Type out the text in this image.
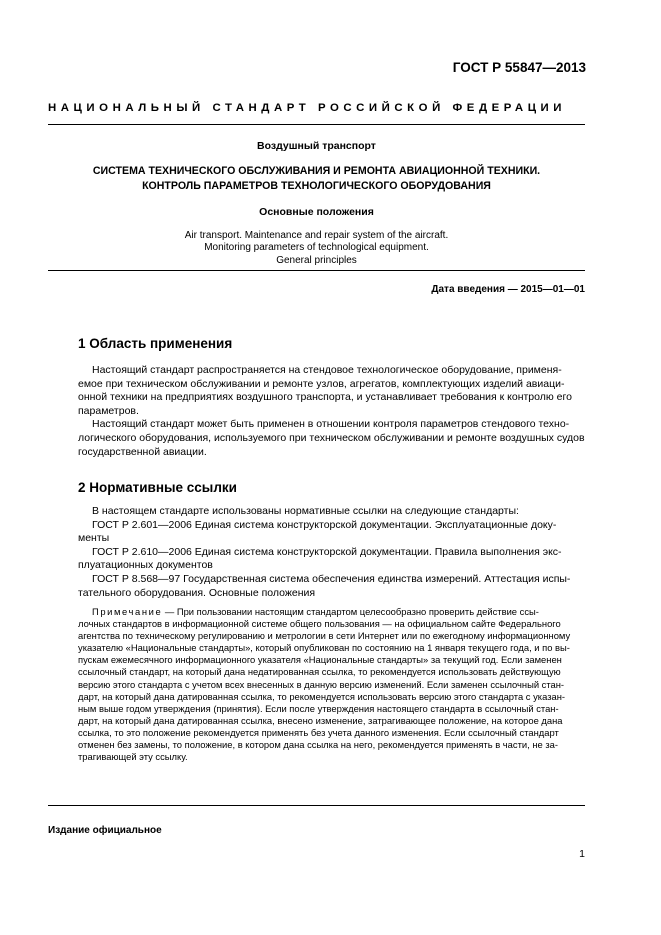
ГОСТ Р 55847—2013
НАЦИОНАЛЬНЫЙ СТАНДАРТ РОССИЙСКОЙ ФЕДЕРАЦИИ
Воздушный транспорт
СИСТЕМА ТЕХНИЧЕСКОГО ОБСЛУЖИВАНИЯ И РЕМОНТА АВИАЦИОННОЙ ТЕХНИКИ.
КОНТРОЛЬ ПАРАМЕТРОВ ТЕХНОЛОГИЧЕСКОГО ОБОРУДОВАНИЯ
Основные положения
Air transport. Maintenance and repair system of the aircraft.
Monitoring parameters of technological equipment.
General principles
Дата введения — 2015—01—01
1 Область применения

Настоящий стандарт распространяется на стендовое технологическое оборудование, применя-

емое при техническом обслуживании и ремонте узлов, агрегатов, комплектующих изделий авиаци-

онной техники на предприятиях воздушного транспорта, и устанавливает требования к контролю его

параметров.

Настоящий стандарт может быть применен в отношении контроля параметров стендового техно-

логического оборудования, используемого при техническом обслуживании и ремонте воздушных судов

государственной авиации.

2 Нормативные ссылки

В настоящем стандарте использованы нормативные ссылки на следующие стандарты:

ГОСТ Р 2.601—2006 Единая система конструкторской документации. Эксплуатационные доку-

менты

ГОСТ Р 2.610—2006 Единая система конструкторской документации. Правила выполнения экс-

плуатационных документов

ГОСТ Р 8.568—97 Государственная система обеспечения единства измерений. Аттестация испы-

тательного оборудования. Основные положения

Примечание — При пользовании настоящим стандартом целесообразно проверить действие ссы-

лочных стандартов в информационной системе общего пользования — на официальном сайте Федерального
агентства по техническому регулированию и метрологии в сети Интернет или по ежегодному информационному
указателю «Национальные стандарты», который опубликован по состоянию на 1 января текущего года, и по вы-
пускам ежемесячного информационного указателя «Национальные стандарты» за текущий год. Если заменен
ссылочный стандарт, на который дана недатированная ссылка, то рекомендуется использовать действующую
версию этого стандарта с учетом всех внесенных в данную версию изменений. Если заменен ссылочный стан-
дарт, на который дана датированная ссылка, то рекомендуется использовать версию этого стандарта с указан-
ным выше годом утверждения (принятия). Если после утверждения настоящего стандарта в ссылочный стан-
дарт, на который дана датированная ссылка, внесено изменение, затрагивающее положение, на которое дана
ссылка, то это положение рекомендуется применять без учета данного изменения. Если ссылочный стандарт
отменен без замены, то положение, в котором дана ссылка на него, рекомендуется применять в части, не за-
трагивающей эту ссылку.
Издание официальное
1
